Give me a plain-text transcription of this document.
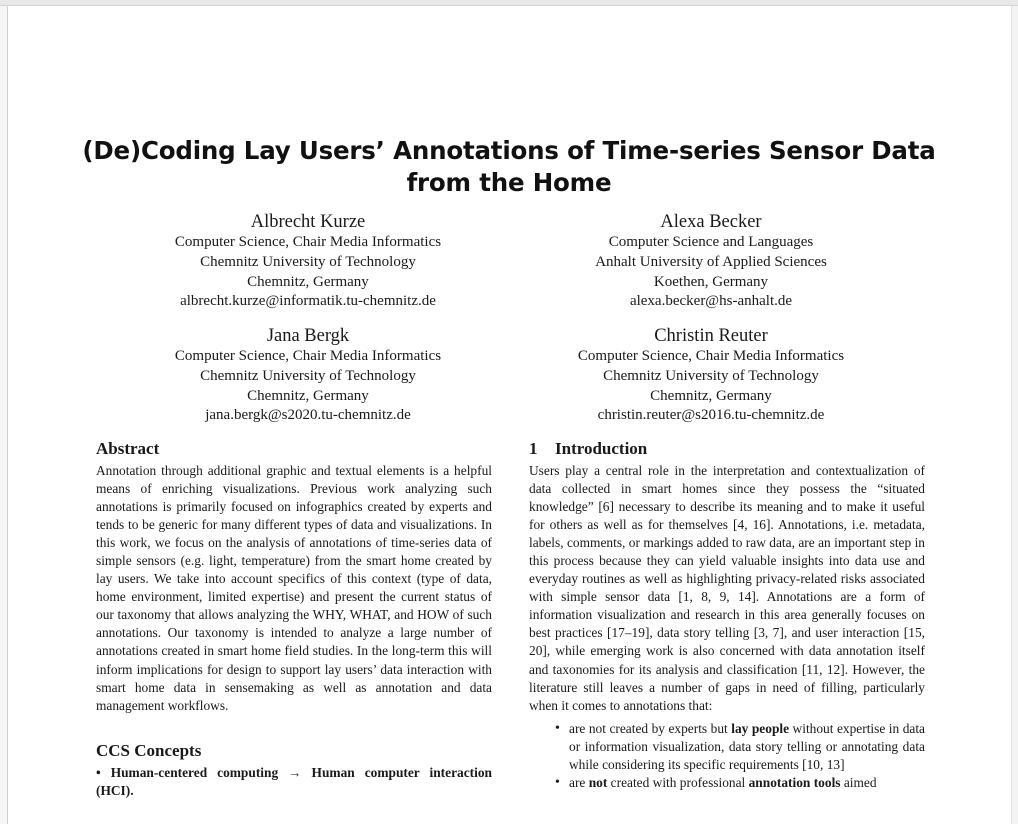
(De)Coding Lay Users’ Annotations of Time-series Sensor Data
from the Home
Albrecht Kurze
Computer Science, Chair Media Informatics
Chemnitz University of Technology
Chemnitz, Germany
albrecht.kurze@informatik.tu-chemnitz.de
Alexa Becker
Computer Science and Languages
Anhalt University of Applied Sciences
Koethen, Germany
alexa.becker@hs-anhalt.de
Jana Bergk
Computer Science, Chair Media Informatics
Chemnitz University of Technology
Chemnitz, Germany
jana.bergk@s2020.tu-chemnitz.de
Christin Reuter
Computer Science, Chair Media Informatics
Chemnitz University of Technology
Chemnitz, Germany
christin.reuter@s2016.tu-chemnitz.de
Abstract

Annotation through additional graphic and textual elements is a helpful means of enriching visualizations. Previous work analyzing such annotations is primarily focused on infographics created by experts and tends to be generic for many different types of data and visualizations. In this work, we focus on the analysis of annotations of time-series data of simple sensors (e.g. light, temperature) from the smart home created by lay users. We take into account specifics of this context (type of data, home environment, limited expertise) and present the current status of our taxonomy that allows analyzing the WHY, WHAT, and HOW of such annotations. Our taxonomy is intended to analyze a large number of annotations created in smart home field studies. In the long-term this will inform implications for design to support lay users’ data interaction with smart home data in sensemaking as well as annotation and data management workflows.

CCS Concepts

• Human-centered computing → Human computer interaction (HCI).

1 Introduction

Users play a central role in the interpretation and contextualization of data collected in smart homes since they possess the “situated knowledge” [6] necessary to describe its meaning and to make it useful for others as well as for themselves [4, 16]. Annotations, i.e. metadata, labels, comments, or markings added to raw data, are an important step in this process because they can yield valuable insights into data use and everyday routines as well as highlighting privacy-related risks associated with simple sensor data [1, 8, 9, 14]. Annotations are a form of information visualization and research in this area generally focuses on best practices [17–19], data story telling [3, 7], and user interaction [15, 20], while emerging work is also concerned with data annotation itself and taxonomies for its analysis and classification [11, 12]. However, the literature still leaves a number of gaps in need of filling, particularly when it comes to annotations that:

• are not created by experts but lay people without expertise in data or information visualization, data story telling or annotating data while considering its specific requirements [10, 13]
• are not created with professional annotation tools aimed
